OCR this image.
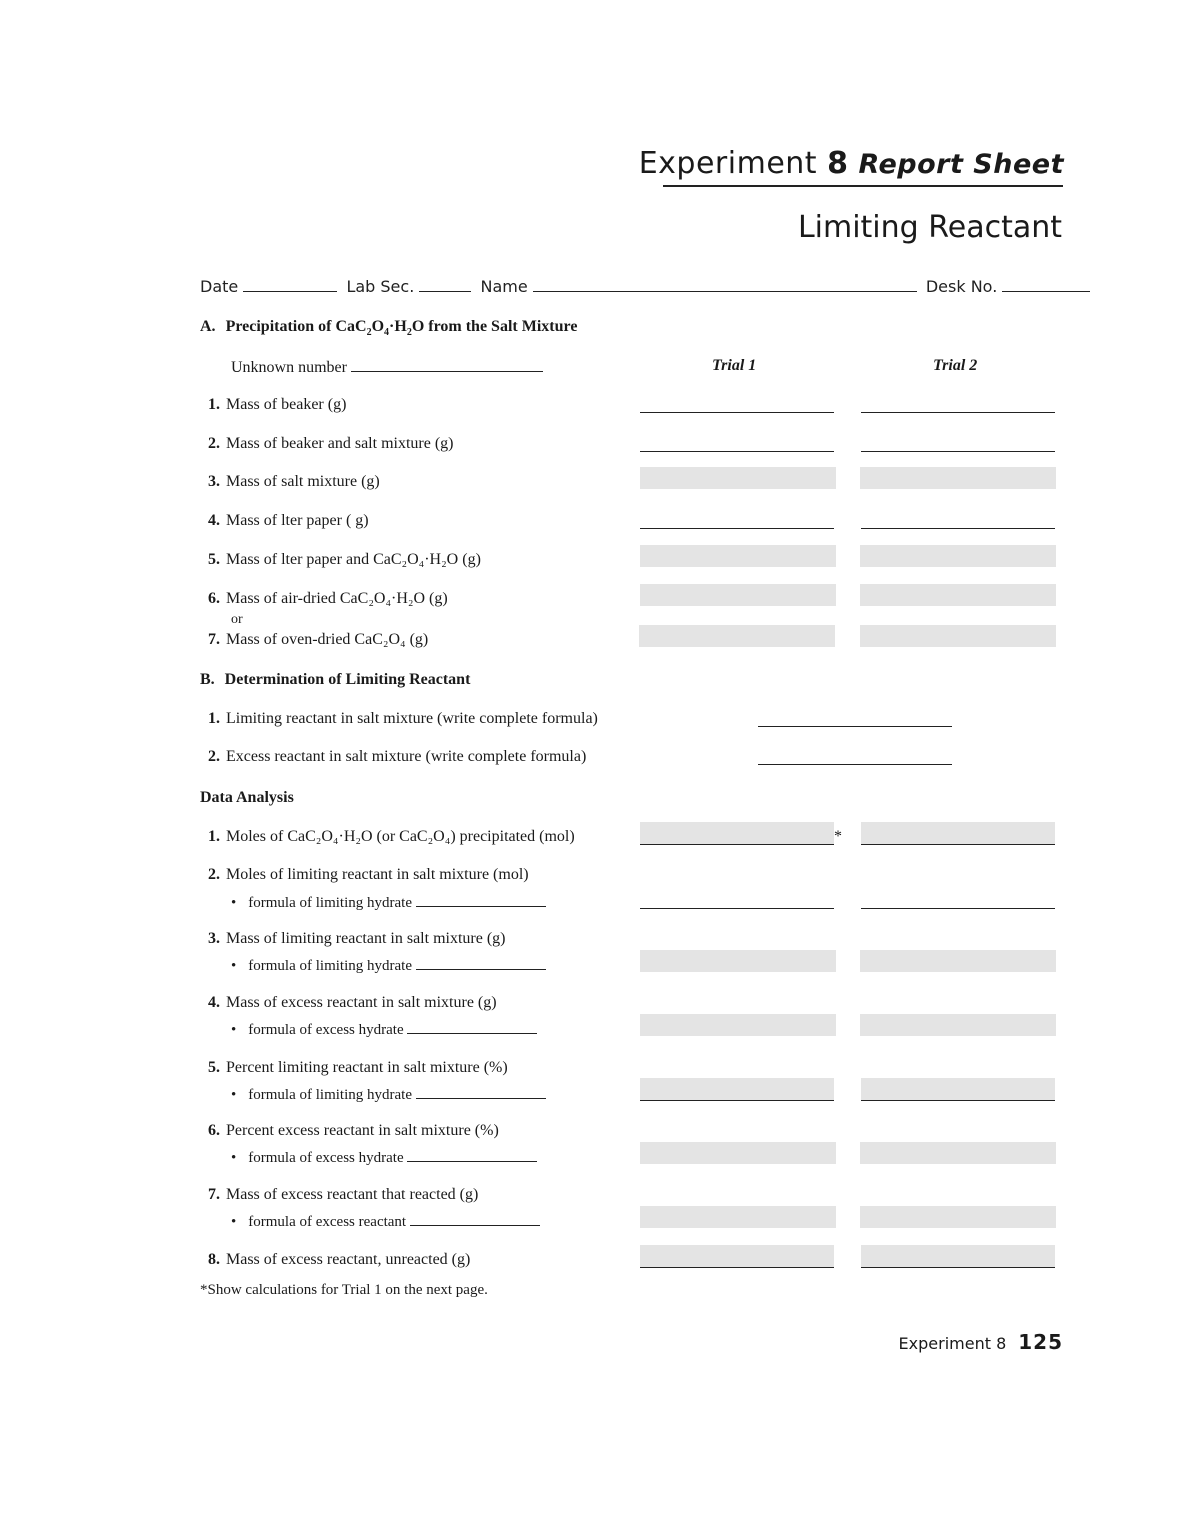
Experiment 8 Report Sheet
Limiting Reactant
Date	Lab Sec.	Name	Desk No.
A. Precipitation of $CaC_2O_4\cdot H_2O$ from the Salt Mixture
Unknown number	Trial 1	Trial 2
1. Mass of beaker (g)
2. Mass of beaker and salt mixture (g)
3. Mass of salt mixture (g)
4. Mass of lter paper ( g)
5. Mass of lter paper and CaC₂O₄·H₂O (g)
6. Mass of air-dried CaC₂O₄·H₂O (g)
or
7. Mass of oven-dried CaC₂O₄ (g)
B. Determination of Limiting Reactant
1. Limiting reactant in salt mixture (write complete formula)
2. Excess reactant in salt mixture (write complete formula)
Data Analysis
1. Moles of CaC₂O₄·H₂O (or CaC₂O₄) precipitated (mol)	*
2. Moles of limiting reactant in salt mixture (mol)
• formula of limiting hydrate
3. Mass of limiting reactant in salt mixture (g)
• formula of limiting hydrate
4. Mass of excess reactant in salt mixture (g)
• formula of excess hydrate
5. Percent limiting reactant in salt mixture (%)
• formula of limiting hydrate
6. Percent excess reactant in salt mixture (%)
• formula of excess hydrate
7. Mass of excess reactant that reacted (g)
• formula of excess reactant
8. Mass of excess reactant, unreacted (g)
*Show calculations for Trial 1 on the next page.
Experiment 8 125
